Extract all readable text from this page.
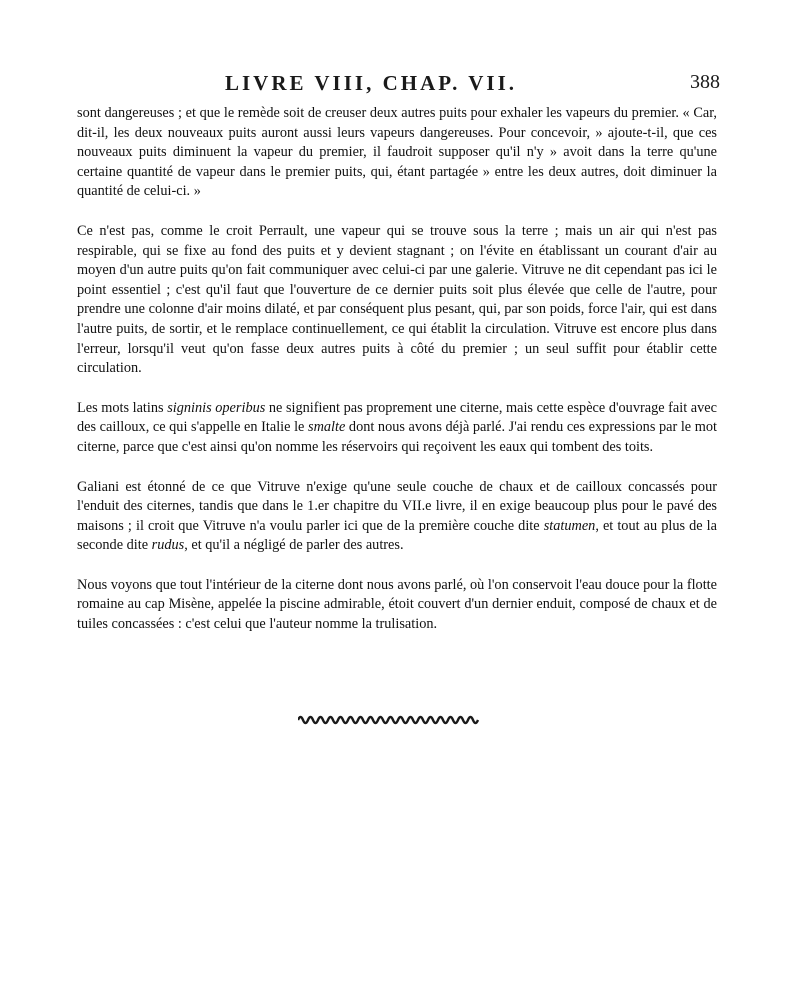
LIVRE VIII, CHAP. VII.	388

sont dangereuses ; et que le remède soit de creuser deux autres puits pour exhaler les vapeurs du premier. « Car, dit-il, les deux nouveaux puits auront aussi leurs vapeurs dangereuses. Pour concevoir, » ajoute-t-il, que ces nouveaux puits diminuent la vapeur du premier, il faudroit supposer qu'il n'y » avoit dans la terre qu'une certaine quantité de vapeur dans le premier puits, qui, étant partagée » entre les deux autres, doit diminuer la quantité de celui-ci. »

Ce n'est pas, comme le croit Perrault, une vapeur qui se trouve sous la terre ; mais un air qui n'est pas respirable, qui se fixe au fond des puits et y devient stagnant ; on l'évite en établissant un courant d'air au moyen d'un autre puits qu'on fait communiquer avec celui-ci par une galerie. Vitruve ne dit cependant pas ici le point essentiel ; c'est qu'il faut que l'ouverture de ce dernier puits soit plus élevée que celle de l'autre, pour prendre une colonne d'air moins dilaté, et par conséquent plus pesant, qui, par son poids, force l'air, qui est dans l'autre puits, de sortir, et le remplace continuellement, ce qui établit la circulation. Vitruve est encore plus dans l'erreur, lorsqu'il veut qu'on fasse deux autres puits à côté du premier ; un seul suffit pour établir cette circulation.

Les mots latins signinis operibus ne signifient pas proprement une citerne, mais cette espèce d'ouvrage fait avec des cailloux, ce qui s'appelle en Italie le smalte dont nous avons déjà parlé. J'ai rendu ces expressions par le mot citerne, parce que c'est ainsi qu'on nomme les réservoirs qui reçoivent les eaux qui tombent des toits.

Galiani est étonné de ce que Vitruve n'exige qu'une seule couche de chaux et de cailloux concassés pour l'enduit des citernes, tandis que dans le 1.er chapitre du VII.e livre, il en exige beaucoup plus pour le pavé des maisons ; il croit que Vitruve n'a voulu parler ici que de la première couche dite statumen, et tout au plus de la seconde dite rudus, et qu'il a négligé de parler des autres.

Nous voyons que tout l'intérieur de la citerne dont nous avons parlé, où l'on conservoit l'eau douce pour la flotte romaine au cap Misène, appelée la piscine admirable, étoit couvert d'un dernier enduit, composé de chaux et de tuiles concassées : c'est celui que l'auteur nomme la trulisation.
